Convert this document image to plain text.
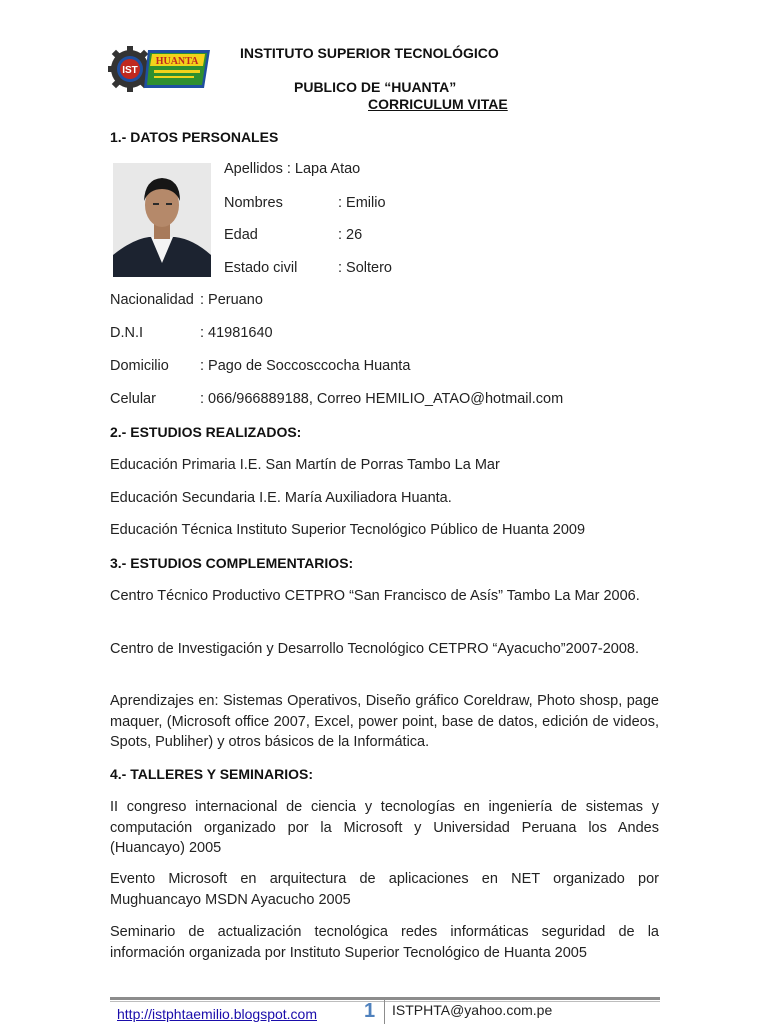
IST
HUANTA
INSTITUTO SUPERIOR TECNOLÓGICO
PUBLICO DE “HUANTA”
CORRICULUM VITAE
1.- DATOS PERSONALES
Apellidos : Lapa Atao
Nombres	: Emilio
Edad	: 26
Estado civil	: Soltero
Nacionalidad : Peruano
D.N.I	: 41981640
Domicilio : Pago de Soccosccocha Huanta
Celular	: 066/966889188, Correo HEMILIO_ATAO@hotmail.com
2.- ESTUDIOS REALIZADOS:
Educación Primaria I.E. San Martín de Porras Tambo La Mar
Educación Secundaria I.E. María Auxiliadora Huanta.
Educación Técnica Instituto Superior Tecnológico Público de Huanta 2009
3.- ESTUDIOS COMPLEMENTARIOS:
Centro Técnico Productivo CETPRO “San Francisco de Asís” Tambo La Mar 2006.
Centro de Investigación y Desarrollo Tecnológico CETPRO “Ayacucho”2007-2008.
Aprendizajes en: Sistemas Operativos, Diseño gráfico Coreldraw, Photo shosp, page maquer, (Microsoft office 2007, Excel, power point, base de datos, edición de videos, Spots, Publiher) y otros básicos de la Informática.
4.- TALLERES Y SEMINARIOS:
II congreso internacional de ciencia y tecnologías en ingeniería de sistemas y computación organizado por la Microsoft y Universidad Peruana los Andes (Huancayo) 2005
Evento Microsoft en arquitectura de aplicaciones en NET organizado por Mughuancayo MSDN Ayacucho 2005
Seminario de actualización tecnológica redes informáticas seguridad de la información organizada por Instituto Superior Tecnológico de Huanta 2005
http://istphtaemilio.blogspot.com 1 ISTPHTA@yahoo.com.pe
